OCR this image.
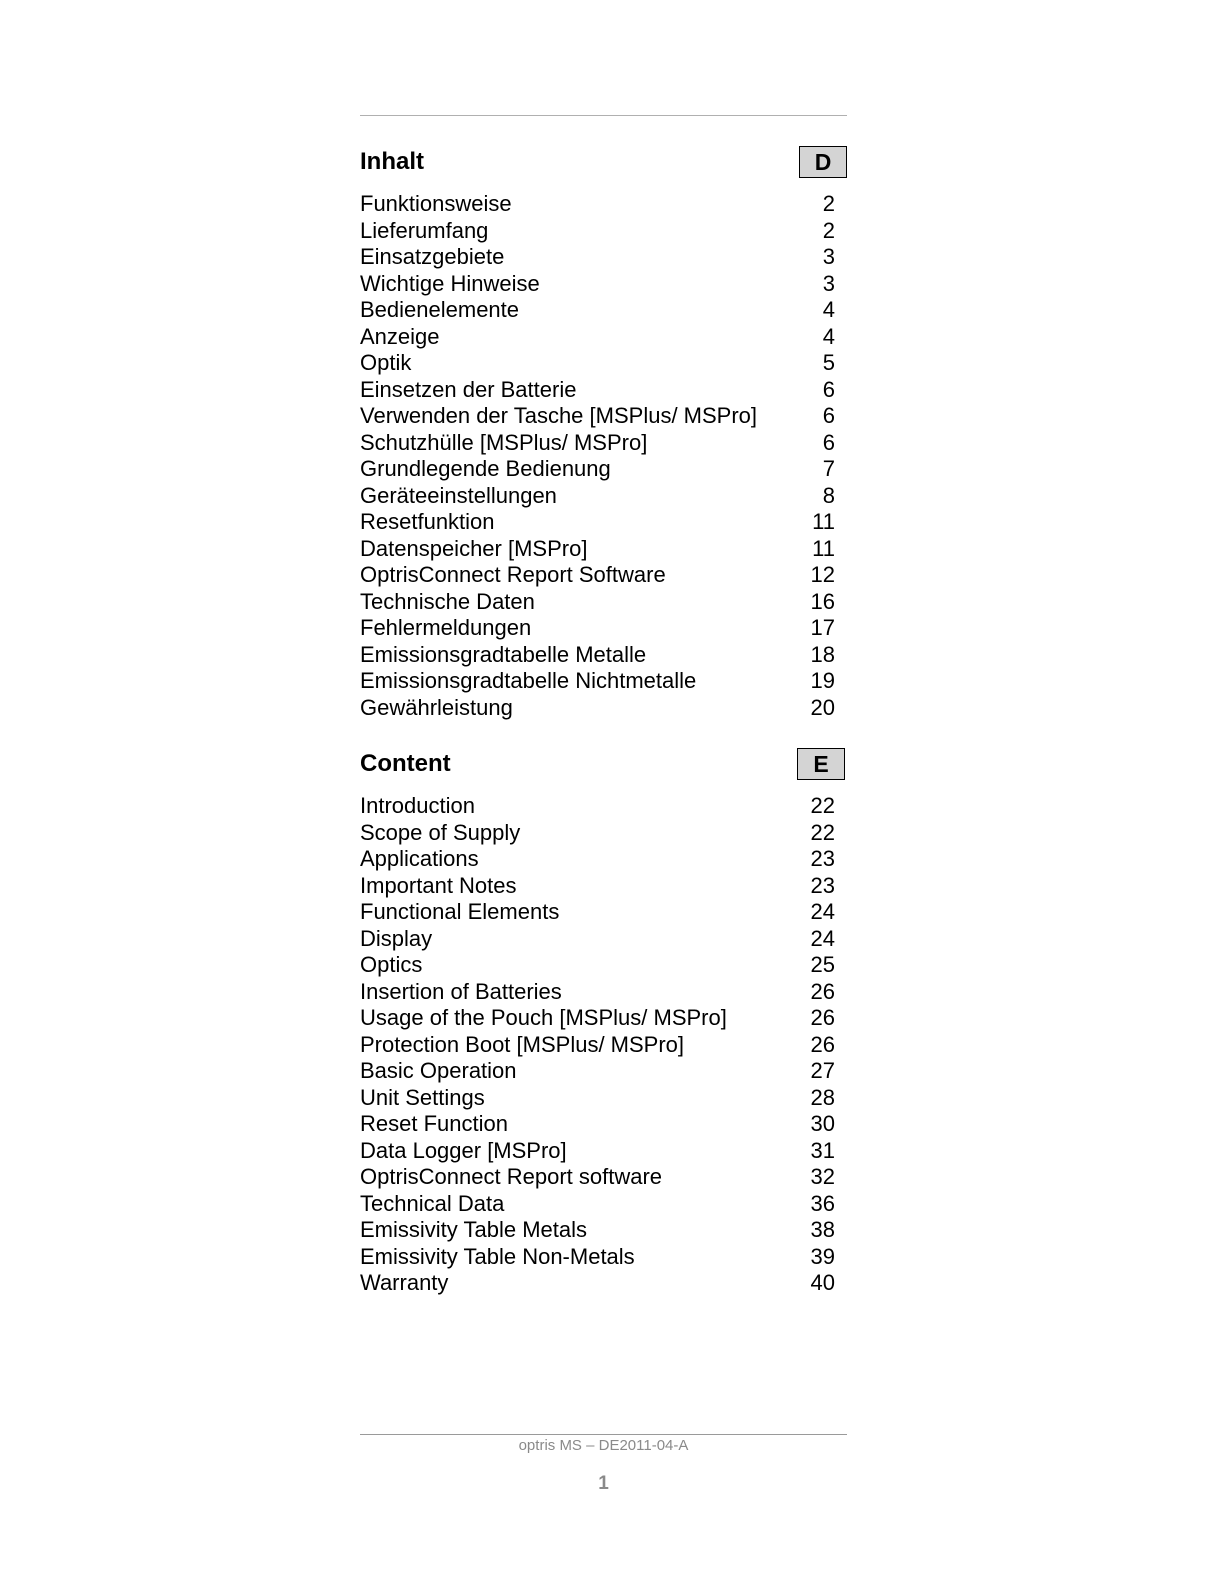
Inhalt	D
Funktionsweise	2
Lieferumfang	2
Einsatzgebiete	3
Wichtige Hinweise	3
Bedienelemente	4
Anzeige	4
Optik	5
Einsetzen der Batterie	6
Verwenden der Tasche [MSPlus/ MSPro]	6
Schutzhülle [MSPlus/ MSPro]	6
Grundlegende Bedienung	7
Geräteeinstellungen	8
Resetfunktion	11
Datenspeicher [MSPro]	11
OptrisConnect Report Software	12
Technische Daten	16
Fehlermeldungen	17
Emissionsgradtabelle Metalle	18
Emissionsgradtabelle Nichtmetalle	19
Gewährleistung	20
Content	E
Introduction	22
Scope of Supply	22
Applications	23
Important Notes	23
Functional Elements	24
Display	24
Optics	25
Insertion of Batteries	26
Usage of the Pouch [MSPlus/ MSPro]	26
Protection Boot [MSPlus/ MSPro]	26
Basic Operation	27
Unit Settings	28
Reset Function	30
Data Logger [MSPro]	31
OptrisConnect Report software	32
Technical Data	36
Emissivity Table Metals	38
Emissivity Table Non-Metals	39
Warranty	40
optris MS – DE2011-04-A
1
